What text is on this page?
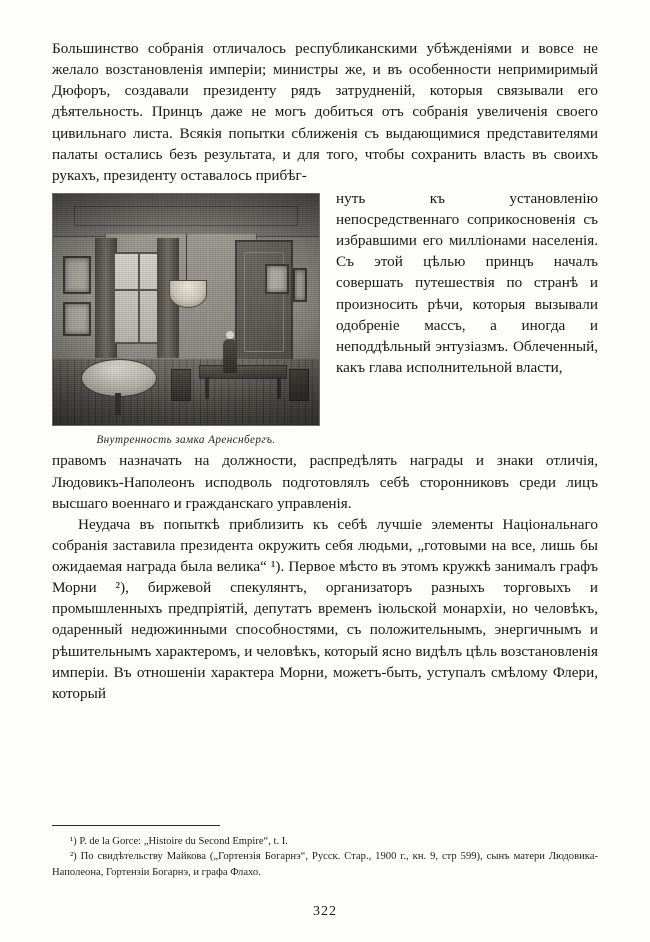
Большинство собранія отличалось республиканскими убѣжденіями и вовсе не желало возстановленія имперіи; министры же, и въ особенности непримиримый Дюфоръ, создавали президенту рядъ затрудненій, которыя связывали его дѣятельность. Принцъ даже не могъ добиться отъ собранія увеличенія своего цивильнаго листа. Всякія попытки сближенія съ выдающимися представителями палаты остались безъ результата, и для того, чтобы сохранить власть въ своихъ рукахъ, президенту оставалось прибѣг-

Внутренность замка Аренснбергъ.

нуть къ установленію непосредственнаго соприкосновенія съ избравшими его милліонами населенія. Съ этой цѣлью принцъ началъ совершать путешествія по странѣ и произносить рѣчи, которыя вызывали одобреніе массъ, а иногда и неподдѣльный энтузіазмъ. Облеченный, какъ глава исполнительной власти,

правомъ назначать на должности, распредѣлять награды и знаки отличія, Людовикъ-Наполеонъ исподволь подготовлялъ себѣ сторонниковъ среди лицъ высшаго военнаго и гражданскаго управленія.

Неудача въ попыткѣ приблизить къ себѣ лучшіе элементы Національнаго собранія заставила президента окружить себя людьми, „готовыми на все, лишь бы ожидаемая награда была велика“ ¹). Первое мѣсто въ этомъ кружкѣ занималъ графъ Морни ²), биржевой спекулянтъ, организаторъ разныхъ торговыхъ и промышленныхъ предпріятій, депутатъ временъ іюльской монархіи, но человѣкъ, одаренный недюжинными способностями, съ положительнымъ, энергичнымъ и рѣшительнымъ характеромъ, и человѣкъ, который ясно видѣлъ цѣль возстановленія имперіи. Въ отношеніи характера Морни, можетъ-быть, уступалъ смѣлому Флери, который

¹) P. de la Gorce: „Histoire du Second Empire“, t. I.

²) По свидѣтельству Майкова („Гортензія Богарнэ“, Русск. Стар., 1900 г., кн. 9, стр 599), сынъ матери Людовика-Наполеона, Гортензіи Богарнэ, и графа Флахо.

322
